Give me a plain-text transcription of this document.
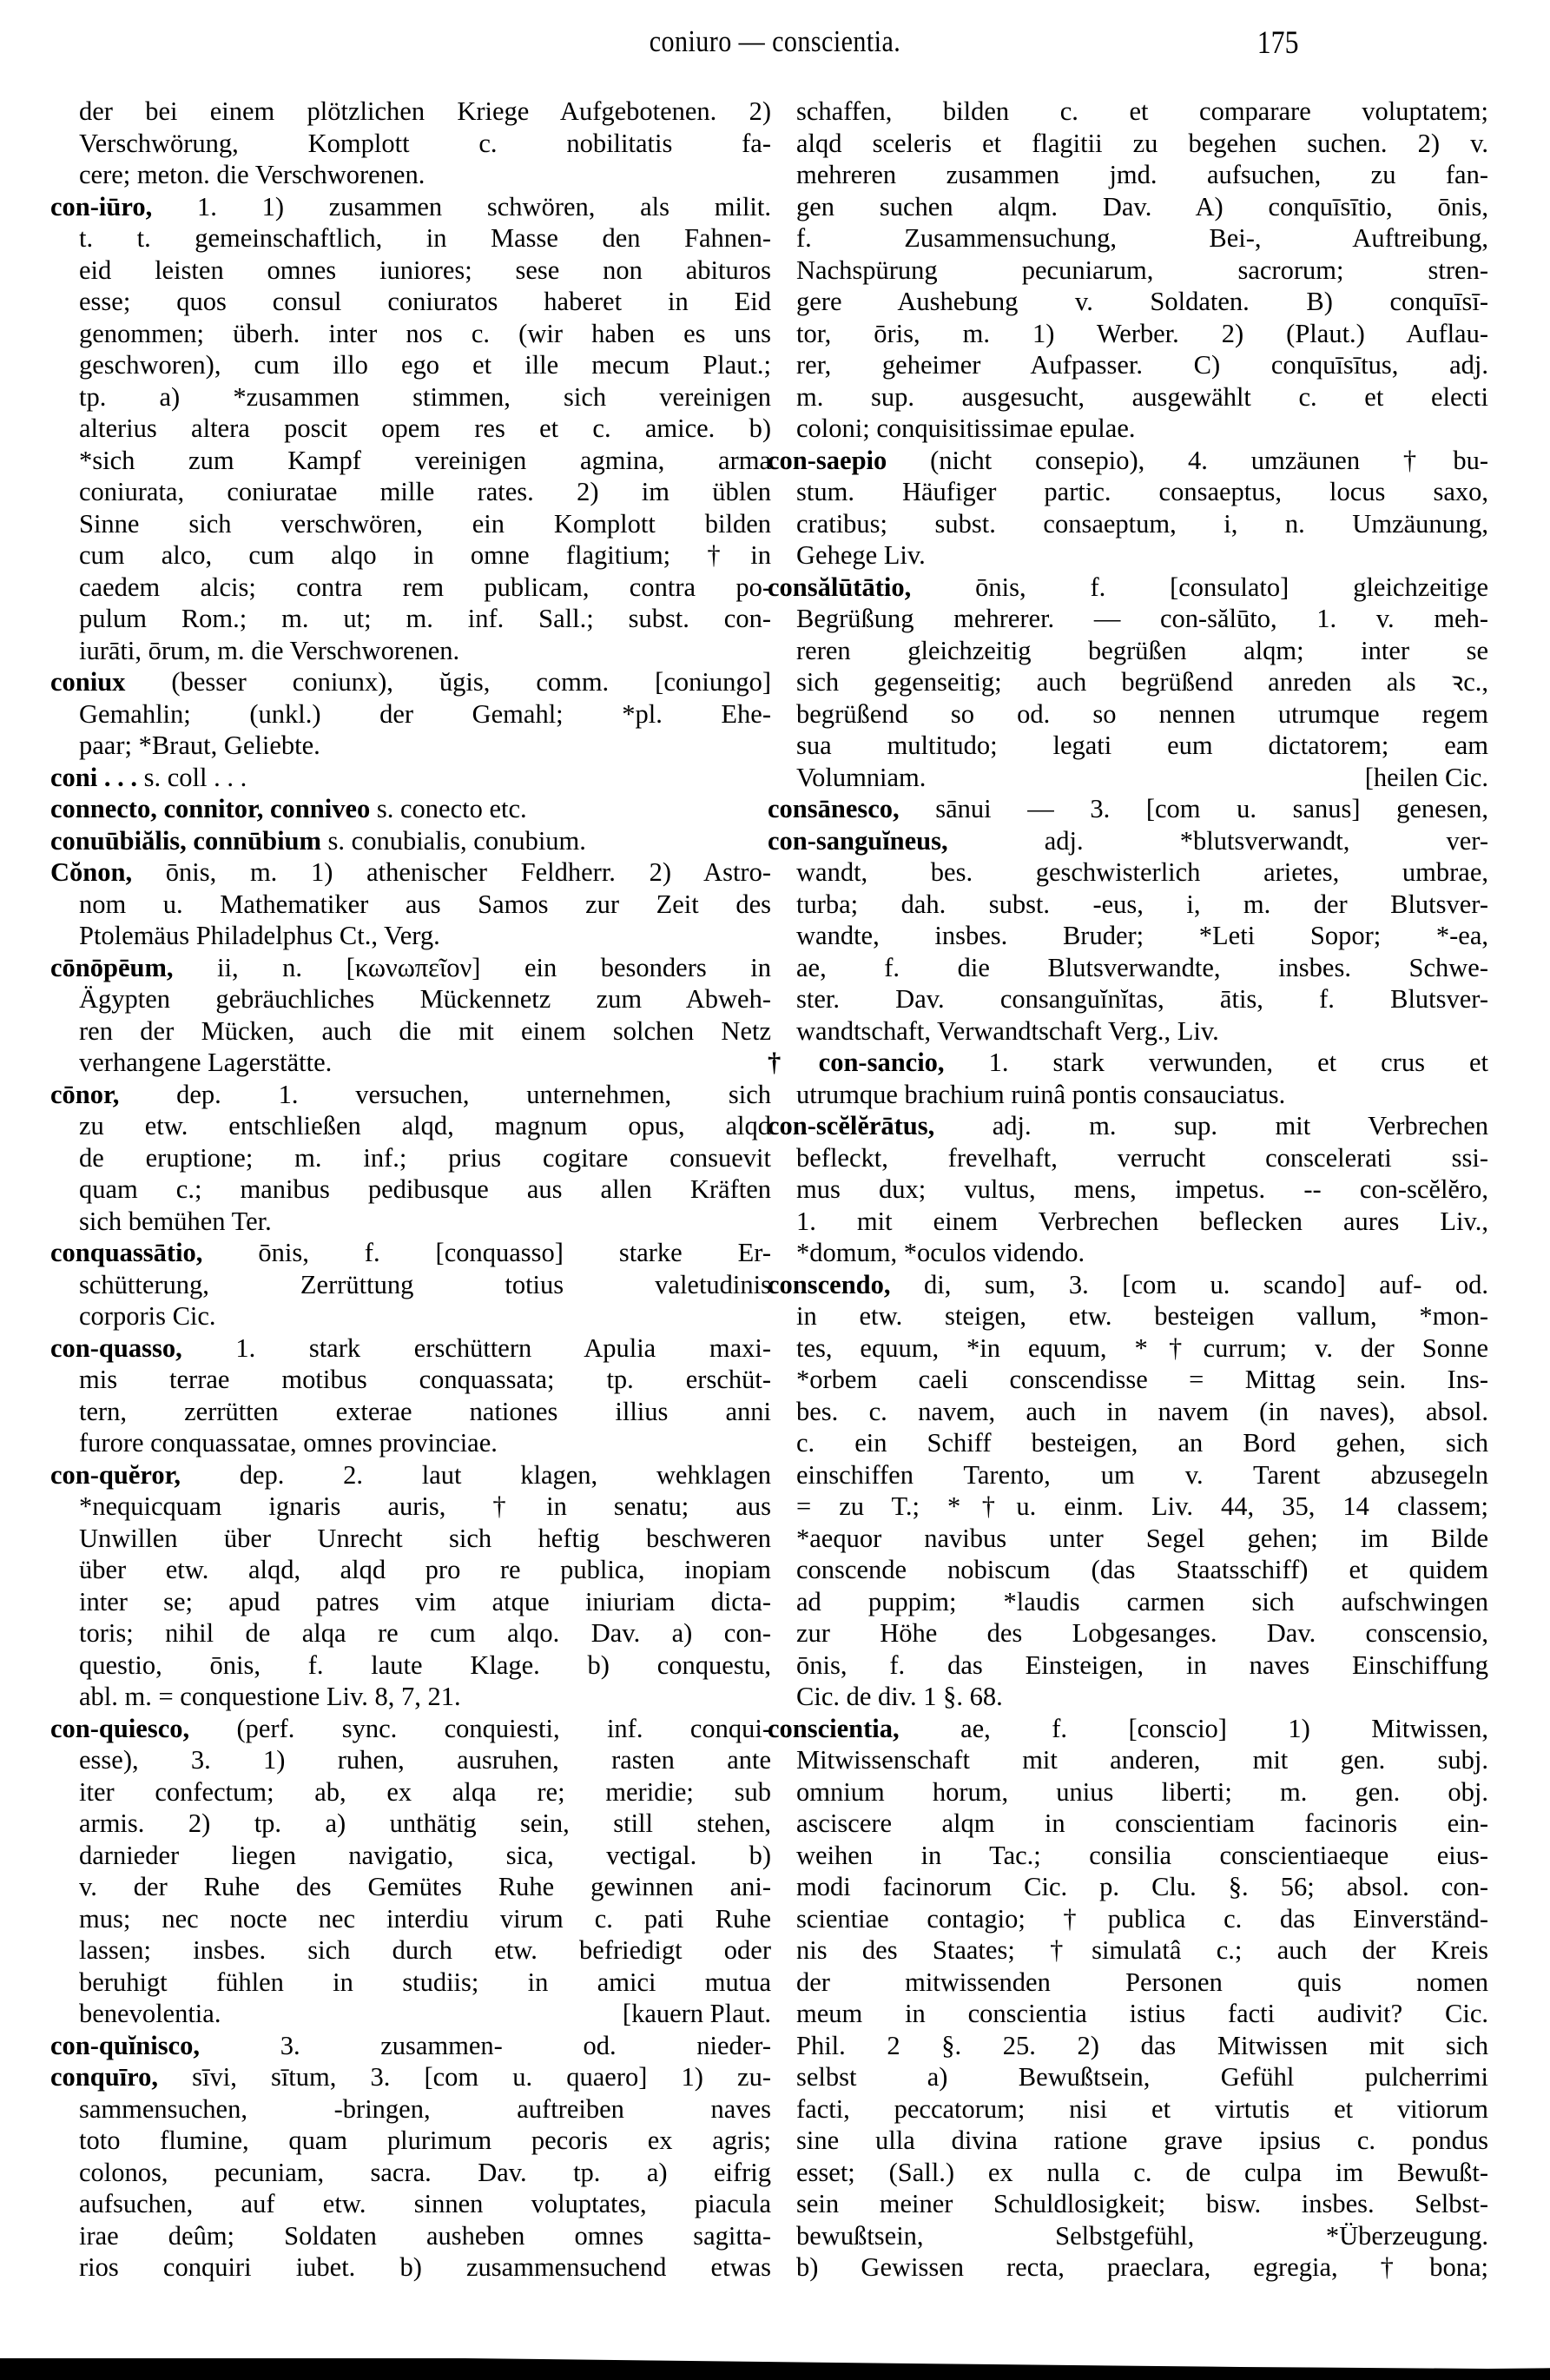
coniuro — conscientia.	175
der bei einem plötzlichen Kriege Aufgebotenen. 2)
Verschwörung, Komplott c. nobilitatis fa-
cere; meton. die Verschworenen.
con-iūro, 1. 1) zusammen schwören, als milit.
t. t. gemeinschaftlich, in Masse den Fahnen-
eid leisten omnes iuniores; sese non abituros
esse; quos consul coniuratos haberet in Eid
genommen; überh. inter nos c. (wir haben es uns
geschworen), cum illo ego et ille mecum Plaut.;
tp. a) *zusammen stimmen, sich vereinigen
alterius altera poscit opem res et c. amice. b)
*sich zum Kampf vereinigen agmina, arma
coniurata, coniuratae mille rates. 2) im üblen
Sinne sich verschwören, ein Komplott bilden
cum alco, cum alqo in omne flagitium; †in
caedem alcis; contra rem publicam, contra po-
pulum Rom.; m. ut; m. inf. Sall.; subst. con-
iurāti, ōrum, m. die Verschworenen.
coniux (besser coniunx), ŭgis, comm. [coniungo]
Gemahlin; (unkl.) der Gemahl; *pl. Ehe-
paar; *Braut, Geliebte.
coni . . . s. coll . . .
connecto, connitor, conniveo s. conecto etc.
conuūbiălis, connūbium s. conubialis, conubium.
Cŏnon, ōnis, m. 1) athenischer Feldherr. 2) Astro-
nom u. Mathematiker aus Samos zur Zeit des
Ptolemäus Philadelphus Ct., Verg.
cōnōpēum, ii, n. [κωνωπεῖον] ein besonders in
Ägypten gebräuchliches Mückennetz zum Abweh-
ren der Mücken, auch die mit einem solchen Netz
verhangene Lagerstätte.
cōnor, dep. 1. versuchen, unternehmen, sich
zu etw. entschließen alqd, magnum opus, alqd
de eruptione; m. inf.; prius cogitare consuevit
quam c.; manibus pedibusque aus allen Kräften
sich bemühen Ter.
conquassātio, ōnis, f. [conquasso] starke Er-
schütterung, Zerrüttung totius valetudinis
corporis Cic.
con-quasso, 1. stark erschüttern Apulia maxi-
mis terrae motibus conquassata; tp. erschüt-
tern, zerrütten exterae nationes illius anni
furore conquassatae, omnes provinciae.
con-quĕror, dep. 2. laut klagen, wehklagen
*nequicquam ignaris auris, †in senatu; aus
Unwillen über Unrecht sich heftig beschweren
über etw. alqd, alqd pro re publica, inopiam
inter se; apud patres vim atque iniuriam dicta-
toris; nihil de alqa re cum alqo. Dav. a) con-
questio, ōnis, f. laute Klage. b) conquestu,
abl. m. = conquestione Liv. 8, 7, 21.
con-quiesco, (perf. sync. conquiesti, inf. conqui-
esse), 3. 1) ruhen, ausruhen, rasten ante
iter confectum; ab, ex alqa re; meridie; sub
armis. 2) tp. a) unthätig sein, still stehen,
darnieder liegen navigatio, sica, vectigal. b)
v. der Ruhe des Gemütes Ruhe gewinnen ani-
mus; nec nocte nec interdiu virum c. pati Ruhe
lassen; insbes. sich durch etw. befriedigt oder
beruhigt fühlen in studiis; in amici mutua
benevolentia.	[kauern Plaut.
con-quĭnisco, 3. zusammen- od. nieder-
conquīro, sīvi, sītum, 3. [com u. quaero] 1) zu-
sammensuchen, -bringen, auftreiben naves
toto flumine, quam plurimum pecoris ex agris;
colonos, pecuniam, sacra. Dav. tp. a) eifrig
aufsuchen, auf etw. sinnen voluptates, piacula
irae deûm; Soldaten ausheben omnes sagitta-
rios conquiri iubet. b) zusammensuchend etwas
schaffen, bilden c. et comparare voluptatem;
alqd sceleris et flagitii zu begehen suchen. 2) v.
mehreren zusammen jmd. aufsuchen, zu fan-
gen suchen alqm. Dav. A) conquīsītio, ōnis,
f. Zusammensuchung, Bei-, Auftreibung,
Nachspürung pecuniarum, sacrorum; stren-
gere Aushebung v. Soldaten. B) conquīsī-
tor, ōris, m. 1) Werber. 2) (Plaut.) Auflau-
rer, geheimer Aufpasser. C) conquīsītus, adj.
m. sup. ausgesucht, ausgewählt c. et electi
coloni; conquisitissimae epulae.
con-saepio (nicht consepio), 4. umzäunen †bu-
stum. Häufiger partic. consaeptus, locus saxo,
cratibus; subst. consaeptum, i, n. Umzäunung,
Gehege Liv.
consălūtātio, ōnis, f. [consulato] gleichzeitige
Begrüßung mehrerer. — con-sălūto, 1. v. meh-
reren gleichzeitig begrüßen alqm; inter se
sich gegenseitig; auch begrüßend anreden als ꝛc.,
begrüßend so od. so nennen utrumque regem
sua multitudo; legati eum dictatorem; eam
Volumniam.	[heilen Cic.
consānesco, sānui — 3. [com u. sanus] genesen,
con-sanguĭneus, adj. *blutsverwandt, ver-
wandt, bes. geschwisterlich arietes, umbrae,
turba; dah. subst. -eus, i, m. der Blutsver-
wandte, insbes. Bruder; *Leti Sopor; *-ea,
ae, f. die Blutsverwandte, insbes. Schwe-
ster. Dav. consanguĭnĭtas, ātis, f. Blutsver-
wandtschaft, Verwandtschaft Verg., Liv.
†con-sancio, 1. stark verwunden, et crus et
utrumque brachium ruinâ pontis consauciatus.
con-scĕlĕrātus, adj. m. sup. mit Verbrechen
befleckt, frevelhaft, verrucht conscelerati ssi-
mus dux; vultus, mens, impetus. -- con-scĕlĕro,
1. mit einem Verbrechen beflecken aures Liv.,
*domum, *oculos videndo.
conscendo, di, sum, 3. [com u. scando] auf- od.
in etw. steigen, etw. besteigen vallum, *mon-
tes, equum, *in equum, *†currum; v. der Sonne
*orbem caeli conscendisse = Mittag sein. Ins-
bes. c. navem, auch in navem (in naves), absol.
c. ein Schiff besteigen, an Bord gehen, sich
einschiffen Tarento, um v. Tarent abzusegeln
= zu T.; *†u. einm. Liv. 44, 35, 14 classem;
*aequor navibus unter Segel gehen; im Bilde
conscende nobiscum (das Staatsschiff) et quidem
ad puppim; *laudis carmen sich aufschwingen
zur Höhe des Lobgesanges. Dav. conscensio,
ōnis, f. das Einsteigen, in naves Einschiffung
Cic. de div. 1 §. 68.
conscientia, ae, f. [conscio] 1) Mitwissen,
Mitwissenschaft mit anderen, mit gen. subj.
omnium horum, unius liberti; m. gen. obj.
asciscere alqm in conscientiam facinoris ein-
weihen in Tac.; consilia conscientiaeque eius-
modi facinorum Cic. p. Clu. §. 56; absol. con-
scientiae contagio; †publica c. das Einverständ-
nis des Staates; †simulatâ c.; auch der Kreis
der mitwissenden Personen quis nomen
meum in conscientia istius facti audivit? Cic.
Phil. 2 §. 25. 2) das Mitwissen mit sich
selbst a) Bewußtsein, Gefühl pulcherrimi
facti, peccatorum; nisi et virtutis et vitiorum
sine ulla divina ratione grave ipsius c. pondus
esset; (Sall.) ex nulla c. de culpa im Bewußt-
sein meiner Schuldlosigkeit; bisw. insbes. Selbst-
bewußtsein, Selbstgefühl, *Überzeugung.
b) Gewissen recta, praeclara, egregia, †bona;
